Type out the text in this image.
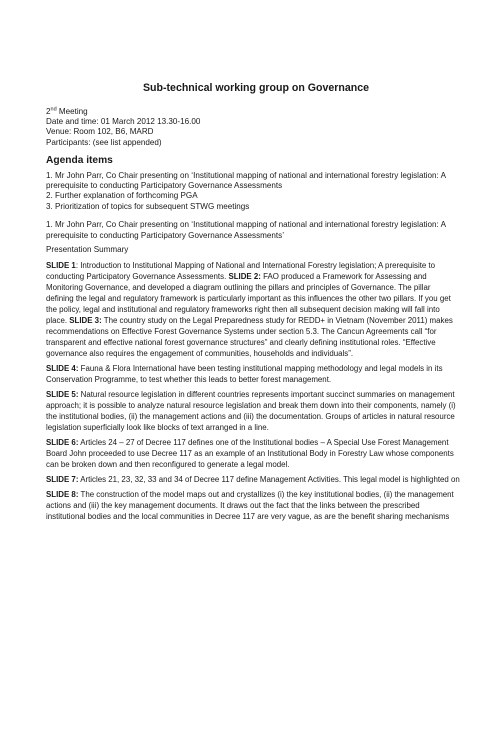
Sub-technical working group on Governance
2nd Meeting
Date and time: 01 March 2012 13.30-16.00
Venue: Room 102, B6, MARD
Participants: (see list appended)
Agenda items
1. Mr John Parr, Co Chair presenting on ‘Institutional mapping of national and international forestry legislation: A prerequisite to conducting Participatory Governance Assessments
2. Further explanation of forthcoming PGA
3. Prioritization of topics for subsequent STWG meetings
1. Mr John Parr, Co Chair presenting on ‘Institutional mapping of national and international forestry legislation: A prerequisite to conducting Participatory Governance Assessments’
Presentation Summary
SLIDE 1: Introduction to Institutional Mapping of National and International Forestry legislation; A prerequisite to conducting Participatory Governance Assessments. SLIDE 2: FAO produced a Framework for Assessing and Monitoring Governance, and developed a diagram outlining the pillars and principles of Governance. The pillar defining the legal and regulatory framework is particularly important as this influences the other two pillars. If you get the policy, legal and institutional and regulatory frameworks right then all subsequent decision making will fall into place. SLIDE 3: The country study on the Legal Preparedness study for REDD+ in Vietnam (November 2011) makes recommendations on Effective Forest Governance Systems under section 5.3. The Cancun Agreements call “for transparent and effective national forest governance structures” and clearly defining institutional roles. “Effective governance also requires the engagement of communities, households and individuals”.
SLIDE 4: Fauna & Flora International have been testing institutional mapping methodology and legal models in its Conservation Programme, to test whether this leads to better forest management.
SLIDE 5: Natural resource legislation in different countries represents important succinct summaries on management approach; it is possible to analyze natural resource legislation and break them down into their components, namely (i) the institutional bodies, (ii) the management actions and (iii) the documentation. Groups of articles in natural resource legislation superficially look like blocks of text arranged in a line.
SLIDE 6: Articles 24 – 27 of Decree 117 defines one of the Institutional bodies – A Special Use Forest Management Board John proceeded to use Decree 117 as an example of an Institutional Body in Forestry Law whose components can be broken down and then reconfigured to generate a legal model.
SLIDE 7: Articles 21, 23, 32, 33 and 34 of Decree 117 define Management Activities. This legal model is highlighted on
SLIDE 8: The construction of the model maps out and crystallizes (i) the key institutional bodies, (ii) the management actions and (iii) the key management documents. It draws out the fact that the links between the prescribed institutional bodies and the local communities in Decree 117 are very vague, as are the benefit sharing mechanisms
